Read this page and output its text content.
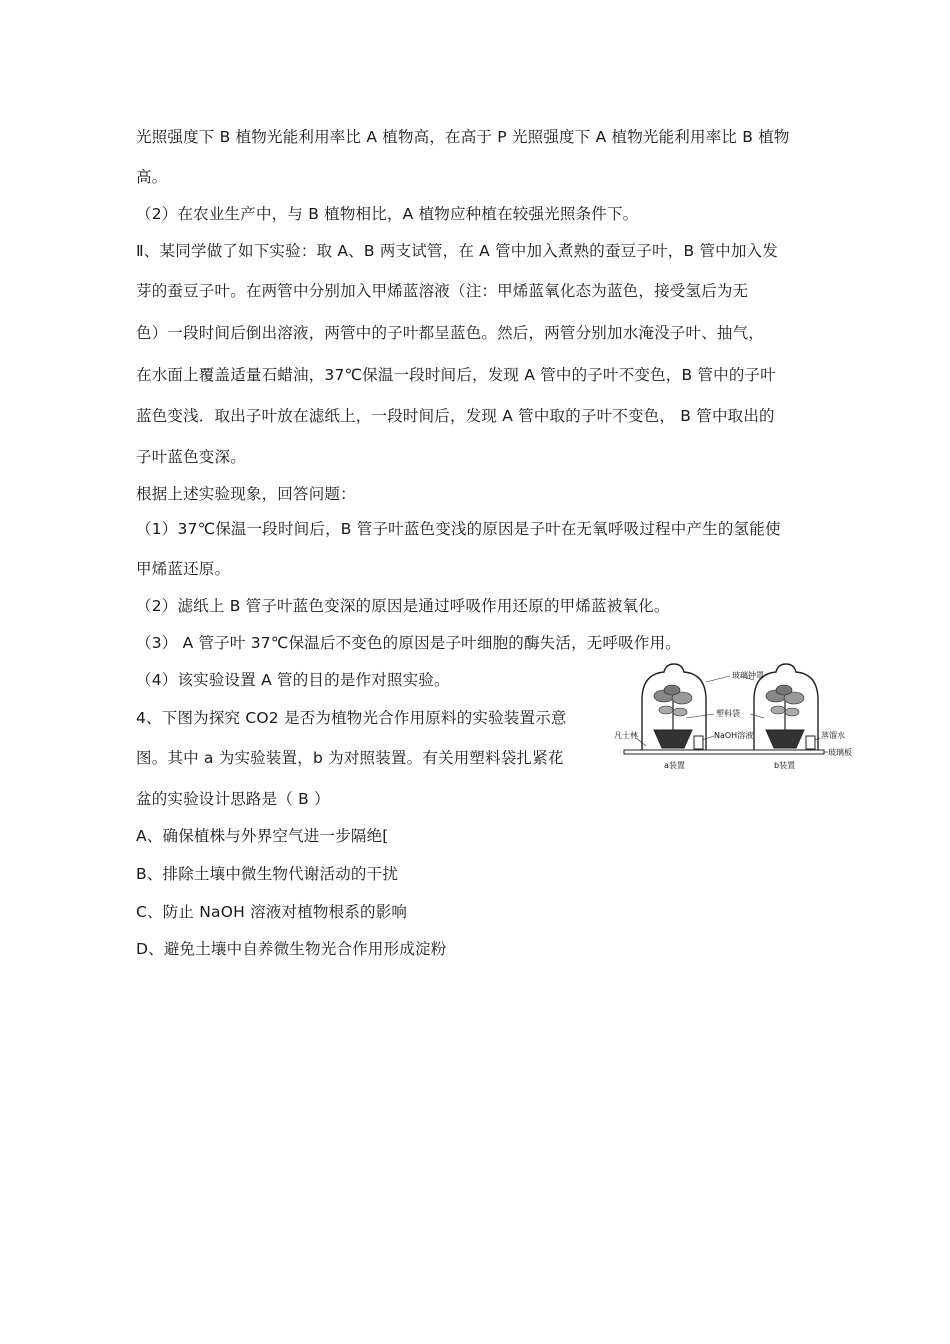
光照强度下 B 植物光能利用率比 A 植物高，在高于 P 光照强度下 A 植物光能利用率比 B 植物
高。
（2）在农业生产中，与 B 植物相比，A 植物应种植在较强光照条件下。
Ⅱ、某同学做了如下实验：取 A、B 两支试管，在 A 管中加入煮熟的蚕豆子叶，B 管中加入发
芽的蚕豆子叶。在两管中分别加入甲烯蓝溶液（注：甲烯蓝氧化态为蓝色，接受氢后为无
色）一段时间后倒出溶液，两管中的子叶都呈蓝色。然后，两管分别加水淹没子叶、抽气，
在水面上覆盖适量石蜡油，37℃保温一段时间后，发现 A 管中的子叶不变色，B 管中的子叶
蓝色变浅．取出子叶放在滤纸上，一段时间后，发现 A 管中取的子叶不变色， B 管中取出的
子叶蓝色变深。
根据上述实验现象，回答问题：
（1）37℃保温一段时间后，B 管子叶蓝色变浅的原因是子叶在无氧呼吸过程中产生的氢能使
甲烯蓝还原。
（2）滤纸上 B 管子叶蓝色变深的原因是通过呼吸作用还原的甲烯蓝被氧化。
（3） A 管子叶 37℃保温后不变色的原因是子叶细胞的酶失活，无呼吸作用。
（4）该实验设置 A 管的目的是作对照实验。
4、下图为探究 CO2 是否为植物光合作用原料的实验装置示意
图。其中 a 为实验装置，b 为对照装置。有关用塑料袋扎紧花
盆的实验设计思路是（ B ）
A、确保植株与外界空气进一步隔绝[
B、排除土壤中微生物代谢活动的干扰
C、防止 NaOH 溶液对植物根系的影响
D、避免土壤中自养微生物光合作用形成淀粉
玻璃钟罩
塑料袋
凡士林	NaOH溶液	蒸馏水
玻璃板
a装置	b装置
